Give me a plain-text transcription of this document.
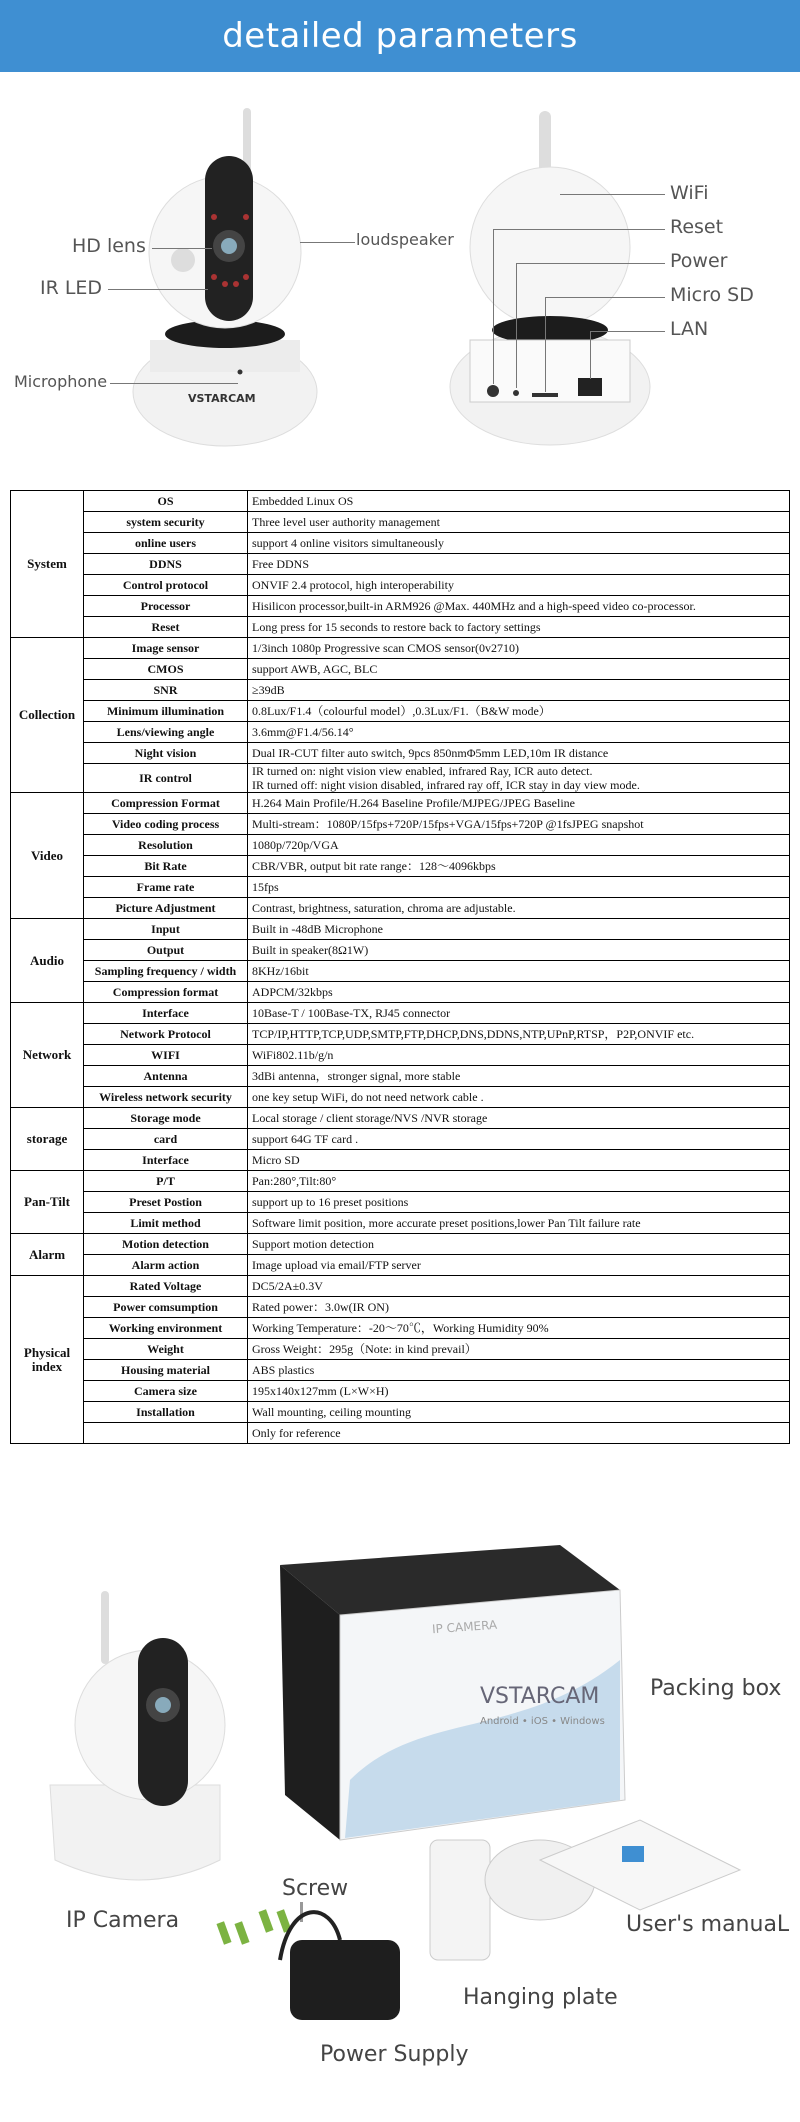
detailed parameters
HD lens
IR LED
loudspeaker
Microphone
VSTARCAM
WiFi
Reset
Power
Micro SD
LAN
System	OS	Embedded Linux OS
	system security	Three level user authority management
	online users	support 4 online visitors simultaneously
	DDNS	Free DDNS
	Control protocol	ONVIF 2.4 protocol, high interoperability
	Processor	Hisilicon processor,built-in ARM926 @Max. 440MHz and a high-speed video co-processor.
	Reset	Long press for 15 seconds to restore back to factory settings
Collection	Image sensor	1/3inch 1080p Progressive scan CMOS sensor(0v2710)
	CMOS	support AWB, AGC, BLC
	SNR	≥39dB
	Minimum illumination	0.8Lux/F1.4（colourful model）,0.3Lux/F1.（B&W mode）
	Lens/viewing angle	3.6mm@F1.4/56.14°
	Night vision	Dual IR-CUT filter auto switch, 9pcs 850nmΦ5mm LED,10m IR distance
	IR control	IR turned on: night vision view enabled, infrared Ray, ICR auto detect.
IR turned off: night vision disabled, infrared ray off, ICR stay in day view mode.
Video	Compression Format	H.264 Main Profile/H.264 Baseline Profile/MJPEG/JPEG Baseline
	Video coding process	Multi-stream：1080P/15fps+720P/15fps+VGA/15fps+720P @1fsJPEG snapshot
	Resolution	1080p/720p/VGA
	Bit Rate	CBR/VBR, output bit rate range：128～4096kbps
	Frame rate	15fps
	Picture Adjustment	Contrast, brightness, saturation, chroma are adjustable.
Audio	Input	Built in -48dB Microphone
	Output	Built in speaker(8Ω1W)
	Sampling frequency / width	8KHz/16bit
	Compression format	ADPCM/32kbps
Network	Interface	10Base-T / 100Base-TX, RJ45 connector
	Network Protocol	TCP/IP,HTTP,TCP,UDP,SMTP,FTP,DHCP,DNS,DDNS,NTP,UPnP,RTSP，P2P,ONVIF etc.
	WIFI	WiFi802.11b/g/n
	Antenna	3dBi antenna，stronger signal, more stable
	Wireless network security	one key setup WiFi, do not need network cable .
storage	Storage mode	Local storage / client storage/NVS /NVR storage
	card	support 64G TF card .
	Interface	Micro SD
Pan-Tilt	P/T	Pan:280°,Tilt:80°
	Preset Postion	support up to 16 preset positions
	Limit method	Software limit position, more accurate preset positions,lower Pan Tilt failure rate
Alarm	Motion detection	Support motion detection
	Alarm action	Image upload via email/FTP server
Physical
index	Rated Voltage	DC5/2A±0.3V
	Power comsumption	Rated power：3.0w(IR ON)
	Working environment	Working Temperature：-20～70℃，Working Humidity 90%
	Weight	Gross Weight：295g（Note: in kind prevail）
	Housing material	ABS plastics
	Camera size	195x140x127mm (L×W×H)
	Installation	Wall mounting, ceiling mounting
		Only for reference
Packing box
Screw
IP Camera	User's manuaL
Hanging plate
Power Supply
VSTARCAM
IP CAMERA
Android • iOS • Windows
